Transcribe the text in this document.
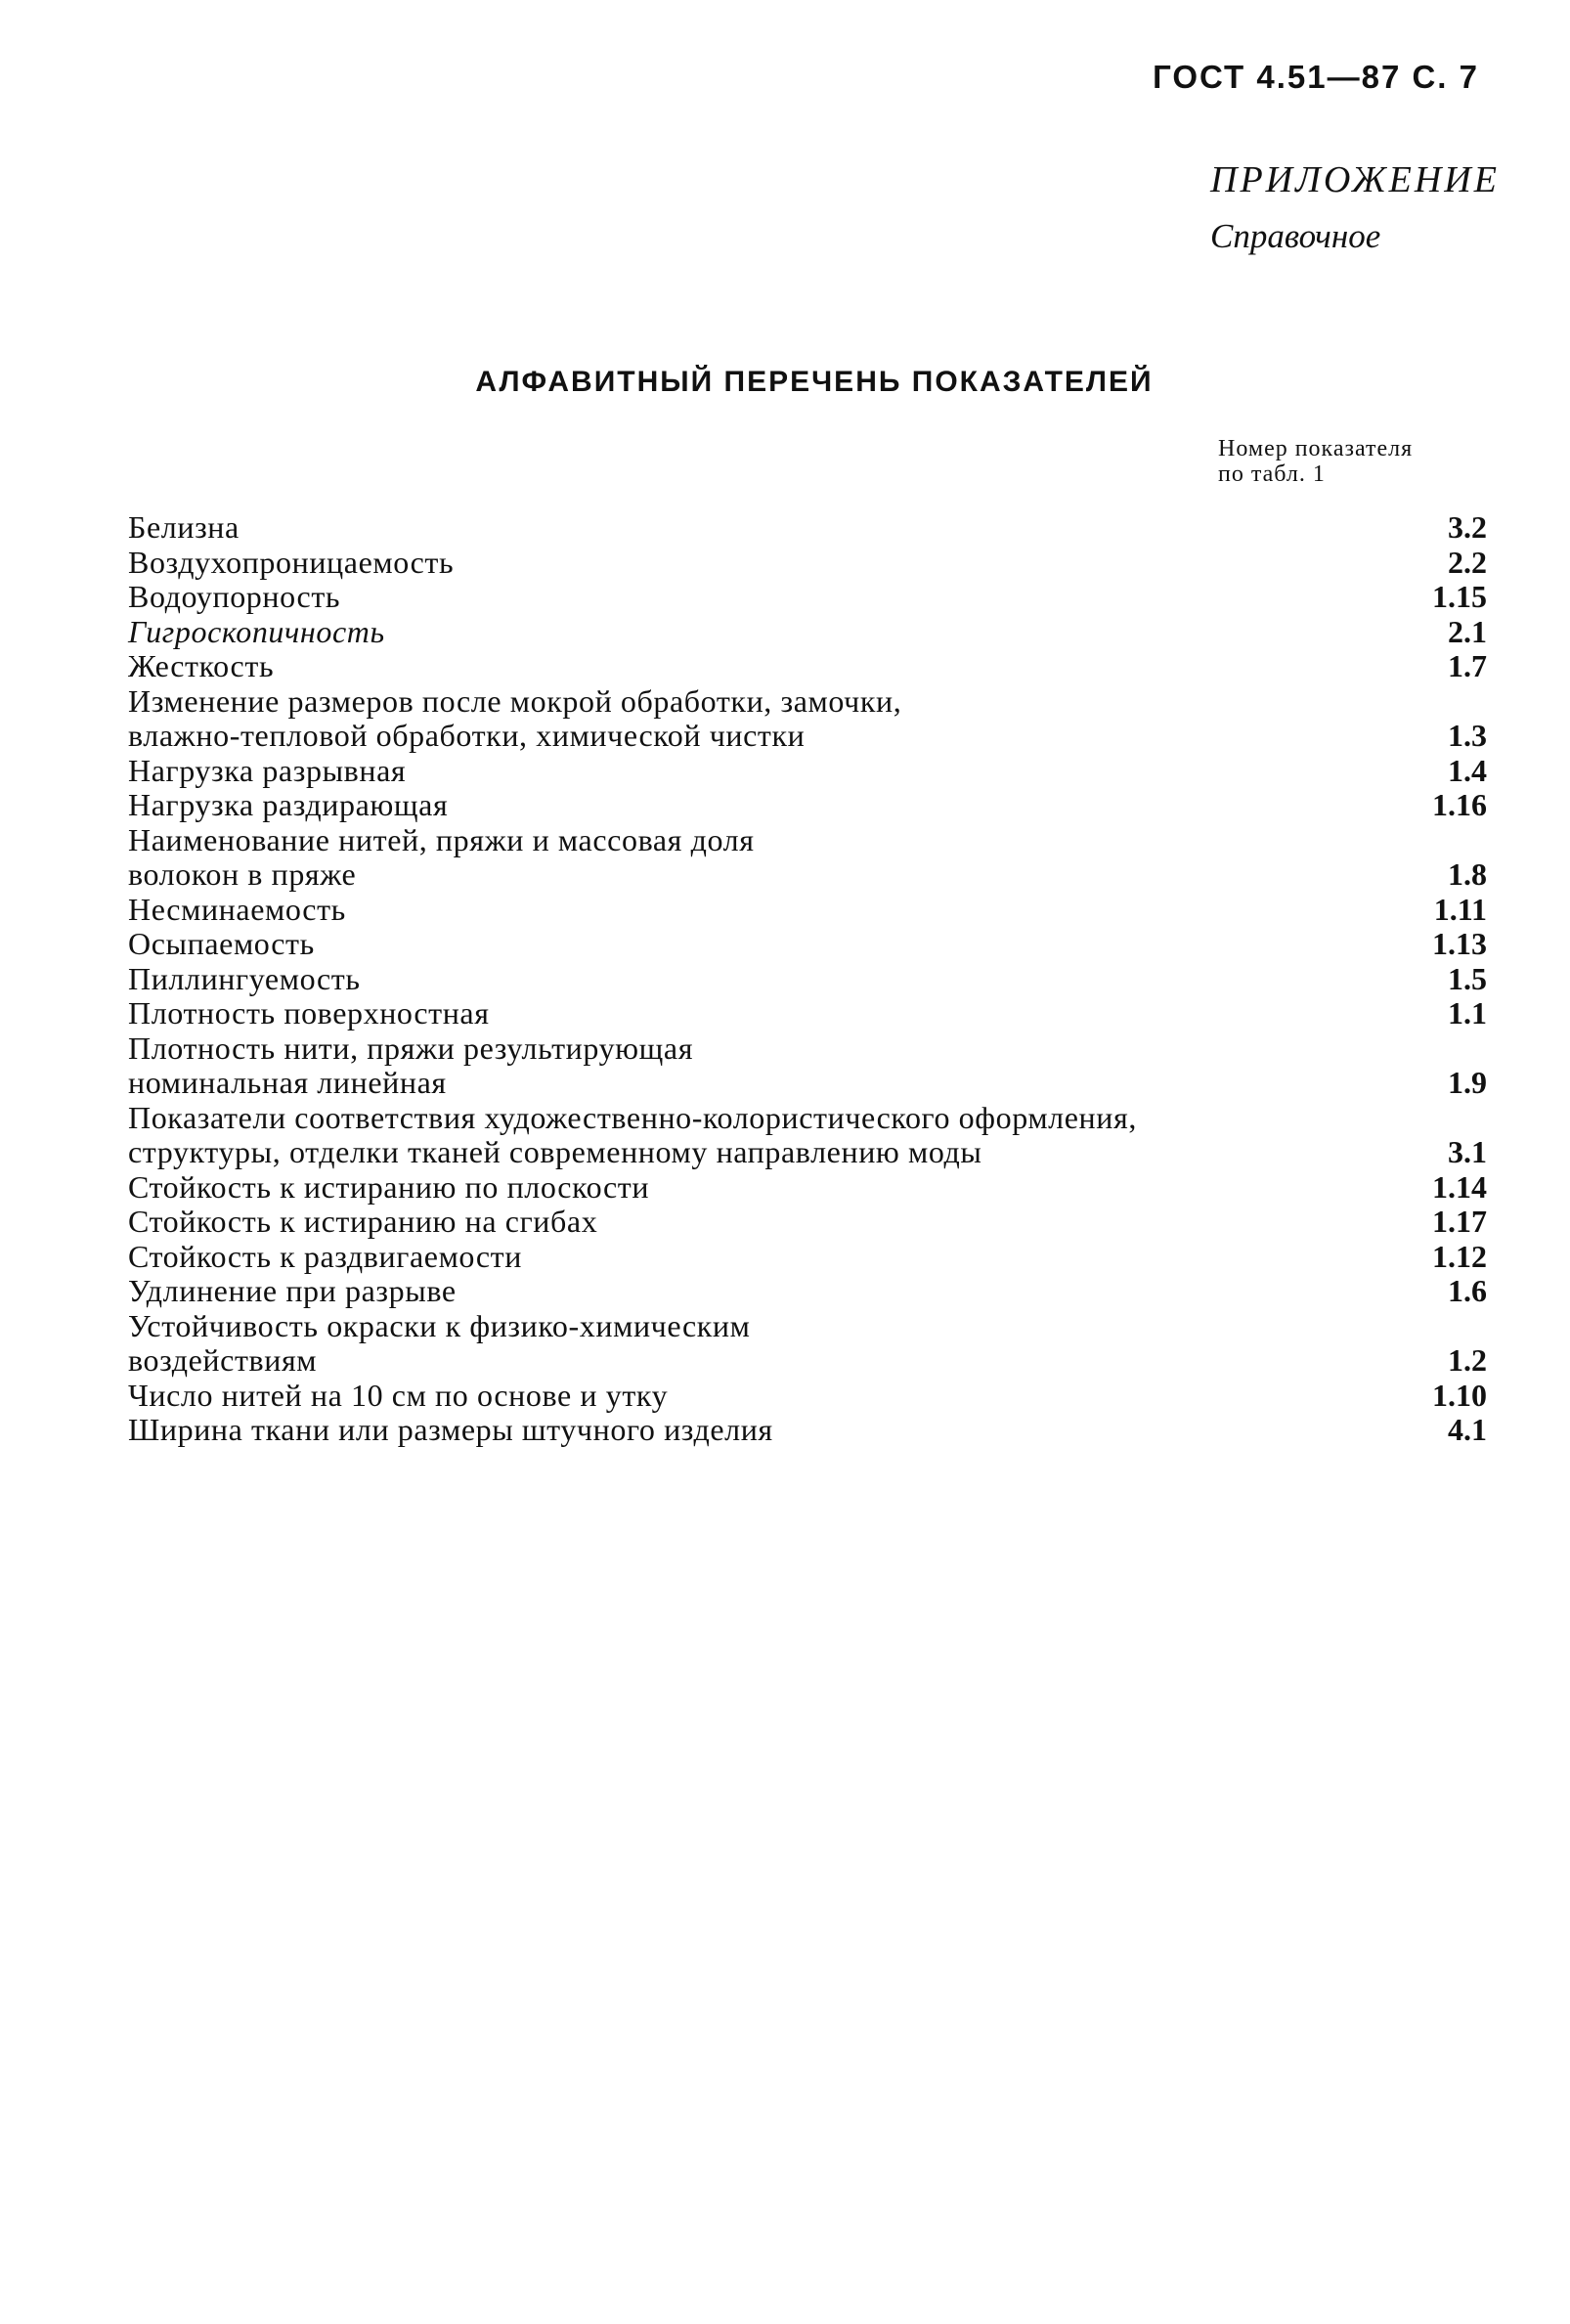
ГОСТ 4.51—87 С. 7
ПРИЛОЖЕНИЕ
Справочное
АЛФАВИТНЫЙ ПЕРЕЧЕНЬ ПОКАЗАТЕЛЕЙ
Номер показателя
по табл. 1
Белизна	3.2
Воздухопроницаемость	2.2
Водоупорность	1.15
Гигроскопичность	2.1
Жесткость	1.7
Изменение размеров после мокрой обработки, замочки,
влажно-тепловой обработки, химической чистки	1.3
Нагрузка разрывная	1.4
Нагрузка раздирающая	1.16
Наименование нитей, пряжи и массовая доля
волокон в пряже	1.8
Несминаемость	1.11
Осыпаемость	1.13
Пиллингуемость	1.5
Плотность поверхностная	1.1
Плотность нити, пряжи результирующая
номинальная линейная	1.9
Показатели соответствия художественно-колористического оформления,
структуры, отделки тканей современному направлению моды	3.1
Стойкость к истиранию по плоскости	1.14
Стойкость к истиранию на сгибах	1.17
Стойкость к раздвигаемости	1.12
Удлинение при разрыве	1.6
Устойчивость окраски к физико-химическим
воздействиям	1.2
Число нитей на 10 см по основе и утку	1.10
Ширина ткани или размеры штучного изделия	4.1
